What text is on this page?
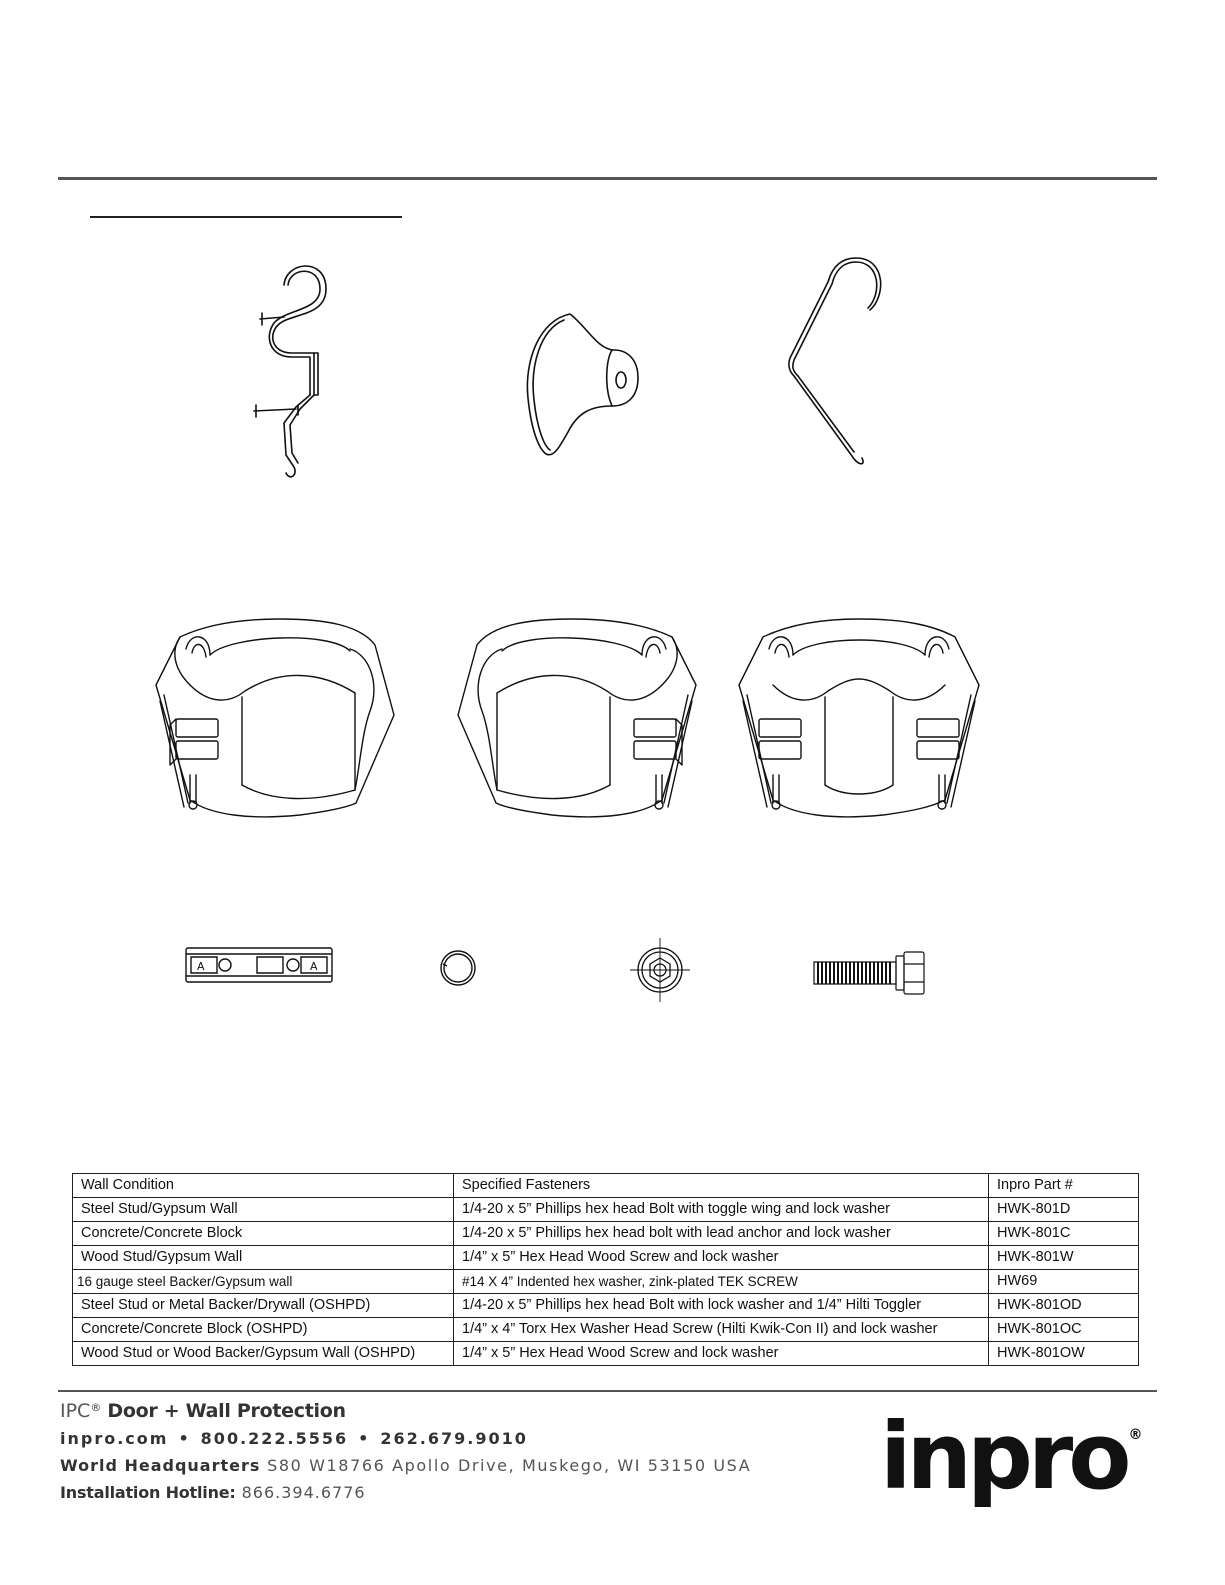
A	A
Wall Condition	Specified Fasteners	Inpro Part #
Steel Stud/Gypsum Wall	1/4-20 x 5” Phillips hex head Bolt with toggle wing and lock washer	HWK-801D
Concrete/Concrete Block	1/4-20 x 5” Phillips hex head bolt with lead anchor and lock washer	HWK-801C
Wood Stud/Gypsum Wall	1/4” x 5” Hex Head Wood Screw and lock washer	HWK-801W
16 gauge steel Backer/Gypsum wall	#14 X 4” Indented hex washer, zink-plated TEK SCREW	HW69
Steel Stud or Metal Backer/Drywall (OSHPD)	1/4-20 x 5” Phillips hex head Bolt with lock washer and 1/4” Hilti Toggler	HWK-801OD
Concrete/Concrete Block (OSHPD)	1/4” x 4” Torx Hex Washer Head Screw (Hilti Kwik-Con II) and lock washer	HWK-801OC
Wood Stud or Wood Backer/Gypsum Wall (OSHPD)	1/4” x 5” Hex Head Wood Screw and lock washer	HWK-801OW
IPC® Door + Wall Protection
inpro.com • 800.222.5556 • 262.679.9010
World Headquarters S80 W18766 Apollo Drive, Muskego, WI 53150 USA
Installation Hotline: 866.394.6776	inpro ®
